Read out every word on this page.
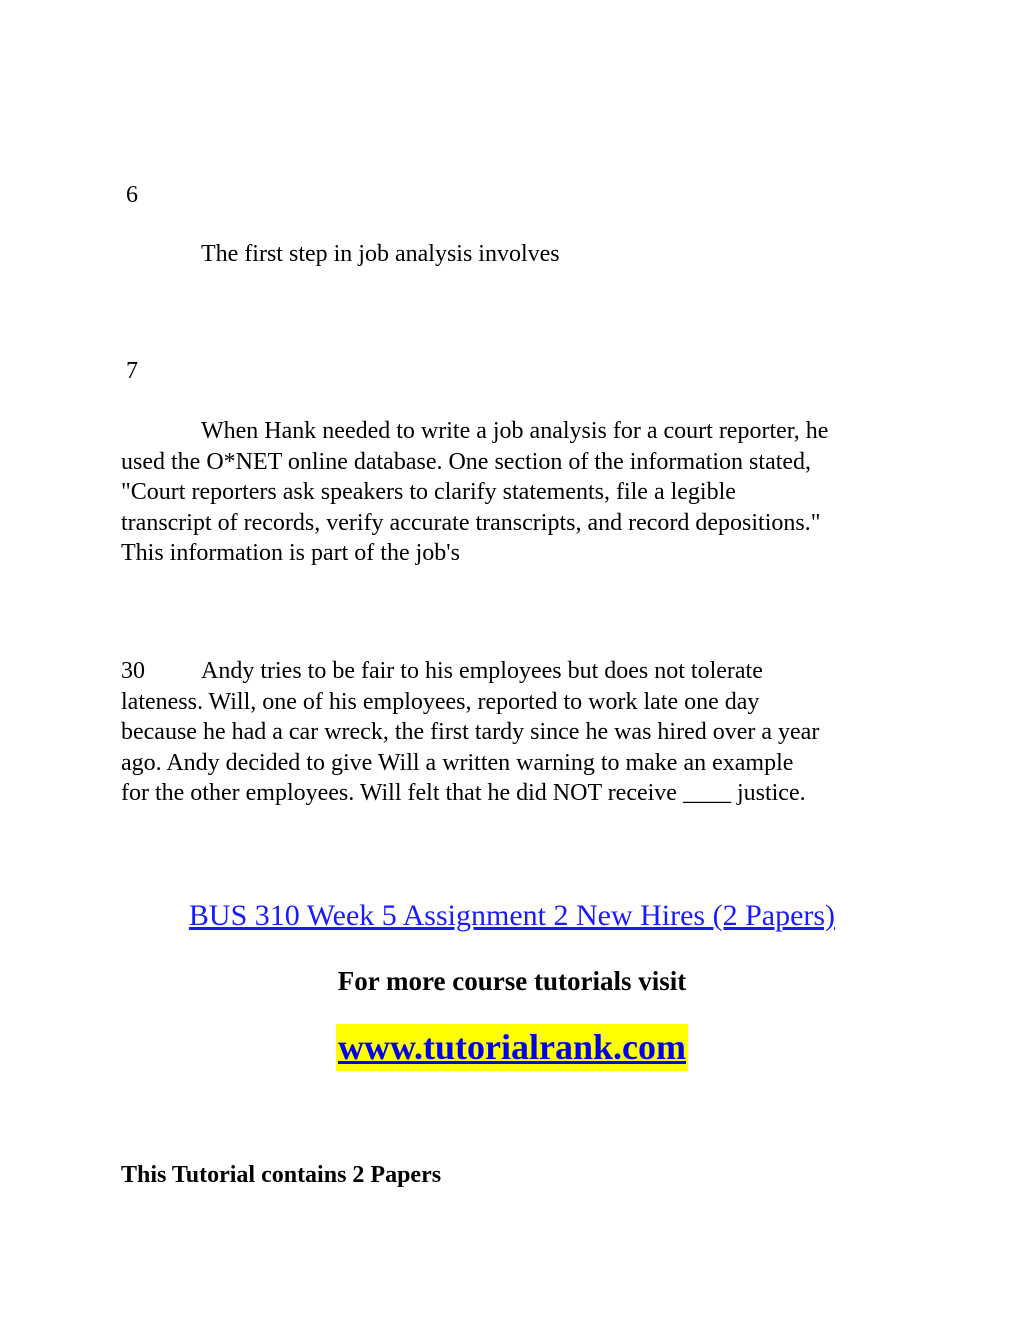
6
The first step in job analysis involves
7
When Hank needed to write a job analysis for a court reporter, he
used the O*NET online database. One section of the information stated,
"Court reporters ask speakers to clarify statements, file a legible
transcript of records, verify accurate transcripts, and record depositions."
This information is part of the job's
30 Andy tries to be fair to his employees but does not tolerate
lateness. Will, one of his employees, reported to work late one day
because he had a car wreck, the first tardy since he was hired over a year
ago. Andy decided to give Will a written warning to make an example
for the other employees. Will felt that he did NOT receive ____ justice.
BUS 310 Week 5 Assignment 2 New Hires (2 Papers)
For more course tutorials visit
www.tutorialrank.com
This Tutorial contains 2 Papers
